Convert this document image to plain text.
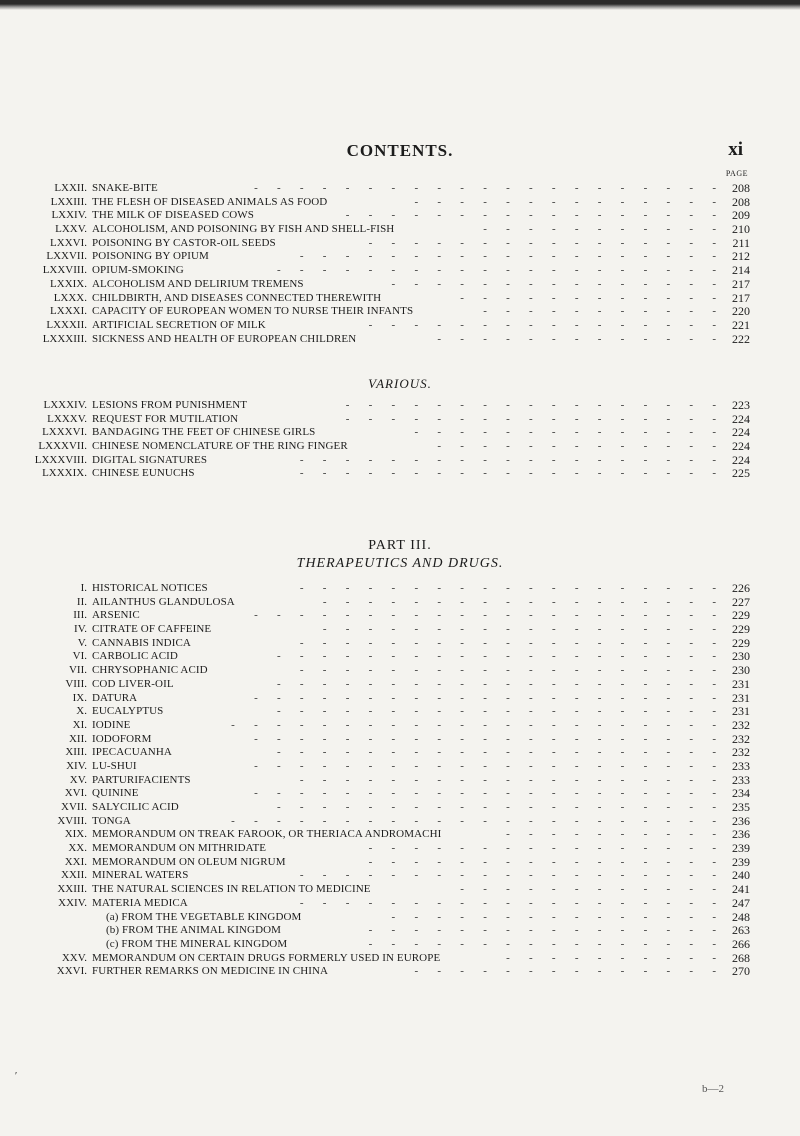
CONTENTS.	xi
PAGE
LXXII. SNAKE-BITE	-    -    -    -    -    -    -    -    -    -    -    -    -    -    -    -    -    -    -    -    -	208
LXXIII. THE FLESH OF DISEASED ANIMALS AS FOOD	-    -    -    -    -    -    -    -    -    -    -    -    -    -	208
LXXIV. THE MILK OF DISEASED COWS	-    -    -    -    -    -    -    -    -    -    -    -    -    -    -    -    -	209
LXXV. ALCOHOLISM, AND POISONING BY FISH AND SHELL-FISH	-    -    -    -    -    -    -    -    -    -    -	210
LXXVI. POISONING BY CASTOR-OIL SEEDS	-    -    -    -    -    -    -    -    -    -    -    -    -    -    -    -	211
LXXVII. POISONING BY OPIUM	-    -    -    -    -    -    -    -    -    -    -    -    -    -    -    -    -    -    -	212
LXXVIII. OPIUM-SMOKING	-    -    -    -    -    -    -    -    -    -    -    -    -    -    -    -    -    -    -    -	214
LXXIX. ALCOHOLISM AND DELIRIUM TREMENS	-    -    -    -    -    -    -    -    -    -    -    -    -    -    -	217
LXXX. CHILDBIRTH, AND DISEASES CONNECTED THEREWITH	-    -    -    -    -    -    -    -    -    -    -    -	217
LXXXI. CAPACITY OF EUROPEAN WOMEN TO NURSE THEIR INFANTS	-    -    -    -    -    -    -    -    -    -    -	220
LXXXII. ARTIFICIAL SECRETION OF MILK	-    -    -    -    -    -    -    -    -    -    -    -    -    -    -    -	221
LXXXIII. SICKNESS AND HEALTH OF EUROPEAN CHILDREN	-    -    -    -    -    -    -    -    -    -    -    -    -	222
VARIOUS.
LXXXIV. LESIONS FROM PUNISHMENT	-    -    -    -    -    -    -    -    -    -    -    -    -    -    -    -    -	223
LXXXV. REQUEST FOR MUTILATION	-    -    -    -    -    -    -    -    -    -    -    -    -    -    -    -    -	224
LXXXVI. BANDAGING THE FEET OF CHINESE GIRLS	-    -    -    -    -    -    -    -    -    -    -    -    -    -	224
LXXXVII. CHINESE NOMENCLATURE OF THE RING FINGER	-    -    -    -    -    -    -    -    -    -    -    -    -	224
LXXXVIII. DIGITAL SIGNATURES	-    -    -    -    -    -    -    -    -    -    -    -    -    -    -    -    -    -    -	224
LXXXIX. CHINESE EUNUCHS	-    -    -    -    -    -    -    -    -    -    -    -    -    -    -    -    -    -    -	225
PART III.
THERAPEUTICS AND DRUGS.
I. HISTORICAL NOTICES	-    -    -    -    -    -    -    -    -    -    -    -    -    -    -    -    -    -    -	226
II. AILANTHUS GLANDULOSA	-    -    -    -    -    -    -    -    -    -    -    -    -    -    -    -    -    -	227
III. ARSENIC	-    -    -    -    -    -    -    -    -    -    -    -    -    -    -    -    -    -    -    -    -	229
IV. CITRATE OF CAFFEINE	-    -    -    -    -    -    -    -    -    -    -    -    -    -    -    -    -    -	229
V. CANNABIS INDICA	-    -    -    -    -    -    -    -    -    -    -    -    -    -    -    -    -    -    -	229
VI. CARBOLIC ACID	-    -    -    -    -    -    -    -    -    -    -    -    -    -    -    -    -    -    -    -	230
VII. CHRYSOPHANIC ACID	-    -    -    -    -    -    -    -    -    -    -    -    -    -    -    -    -    -    -	230
VIII. COD LIVER-OIL	-    -    -    -    -    -    -    -    -    -    -    -    -    -    -    -    -    -    -    -	231
IX. DATURA	-    -    -    -    -    -    -    -    -    -    -    -    -    -    -    -    -    -    -    -    -	231
X. EUCALYPTUS	-    -    -    -    -    -    -    -    -    -    -    -    -    -    -    -    -    -    -    -	231
XI. IODINE	-    -    -    -    -    -    -    -    -    -    -    -    -    -    -    -    -    -    -    -    -    -	232
XII. IODOFORM	-    -    -    -    -    -    -    -    -    -    -    -    -    -    -    -    -    -    -    -    -	232
XIII. IPECACUANHA	-    -    -    -    -    -    -    -    -    -    -    -    -    -    -    -    -    -    -    -	232
XIV. LU-SHUI	-    -    -    -    -    -    -    -    -    -    -    -    -    -    -    -    -    -    -    -    -	233
XV. PARTURIFACIENTS	-    -    -    -    -    -    -    -    -    -    -    -    -    -    -    -    -    -    -	233
XVI. QUININE	-    -    -    -    -    -    -    -    -    -    -    -    -    -    -    -    -    -    -    -    -	234
XVII. SALYCILIC ACID	-    -    -    -    -    -    -    -    -    -    -    -    -    -    -    -    -    -    -    -	235
XVIII. TONGA	-    -    -    -    -    -    -    -    -    -    -    -    -    -    -    -    -    -    -    -    -    -	236
XIX. MEMORANDUM ON TREAK FAROOK, OR THERIACA ANDROMACHI	-    -    -    -    -    -    -    -    -    -	236
XX. MEMORANDUM ON MITHRIDATE	-    -    -    -    -    -    -    -    -    -    -    -    -    -    -    -	239
XXI. MEMORANDUM ON OLEUM NIGRUM	-    -    -    -    -    -    -    -    -    -    -    -    -    -    -    -	239
XXII. MINERAL WATERS	-    -    -    -    -    -    -    -    -    -    -    -    -    -    -    -    -    -    -	240
XXIII. THE NATURAL SCIENCES IN RELATION TO MEDICINE	-    -    -    -    -    -    -    -    -    -    -    -	241
XXIV. MATERIA MEDICA	-    -    -    -    -    -    -    -    -    -    -    -    -    -    -    -    -    -    -	247
(a) FROM THE VEGETABLE KINGDOM	-    -    -    -    -    -    -    -    -    -    -    -    -    -    -	248
(b) FROM THE ANIMAL KINGDOM	-    -    -    -    -    -    -    -    -    -    -    -    -    -    -    -	263
(c) FROM THE MINERAL KINGDOM	-    -    -    -    -    -    -    -    -    -    -    -    -    -    -    -	266
XXV. MEMORANDUM ON CERTAIN DRUGS FORMERLY USED IN EUROPE	-    -    -    -    -    -    -    -    -    -	268
XXVI. FURTHER REMARKS ON MEDICINE IN CHINA	-    -    -    -    -    -    -    -    -    -    -    -    -    -	270
ʹ
b—2
